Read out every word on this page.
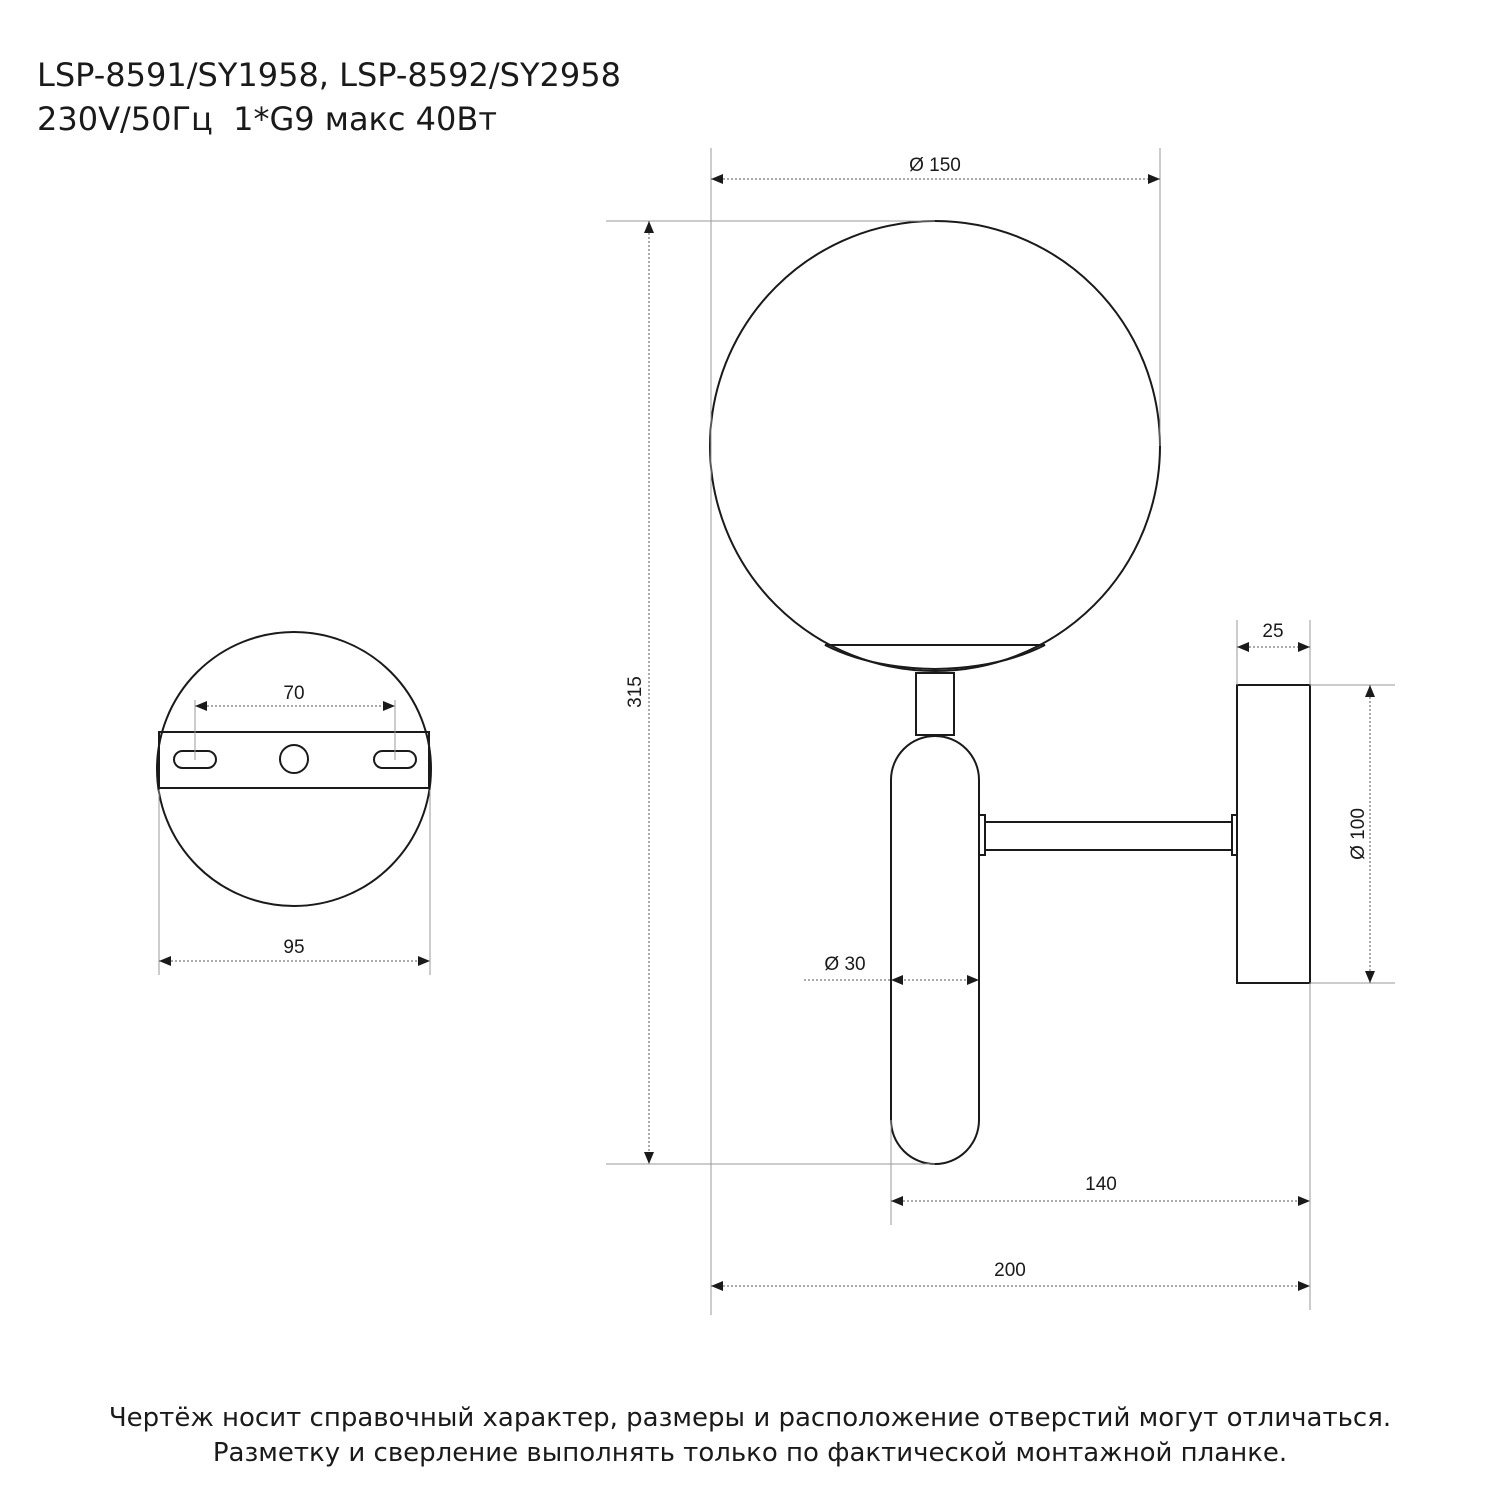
LSP-8591/SY1958, LSP-8592/SY2958
230V/50Гц  1*G9 макс 40Вт
70
95
Ø 150
315
25
Ø 100
Ø 30
140
200
Чертёж носит справочный характер, размеры и расположение отверстий могут отличаться.
Разметку и сверление выполнять только по фактической монтажной планке.
